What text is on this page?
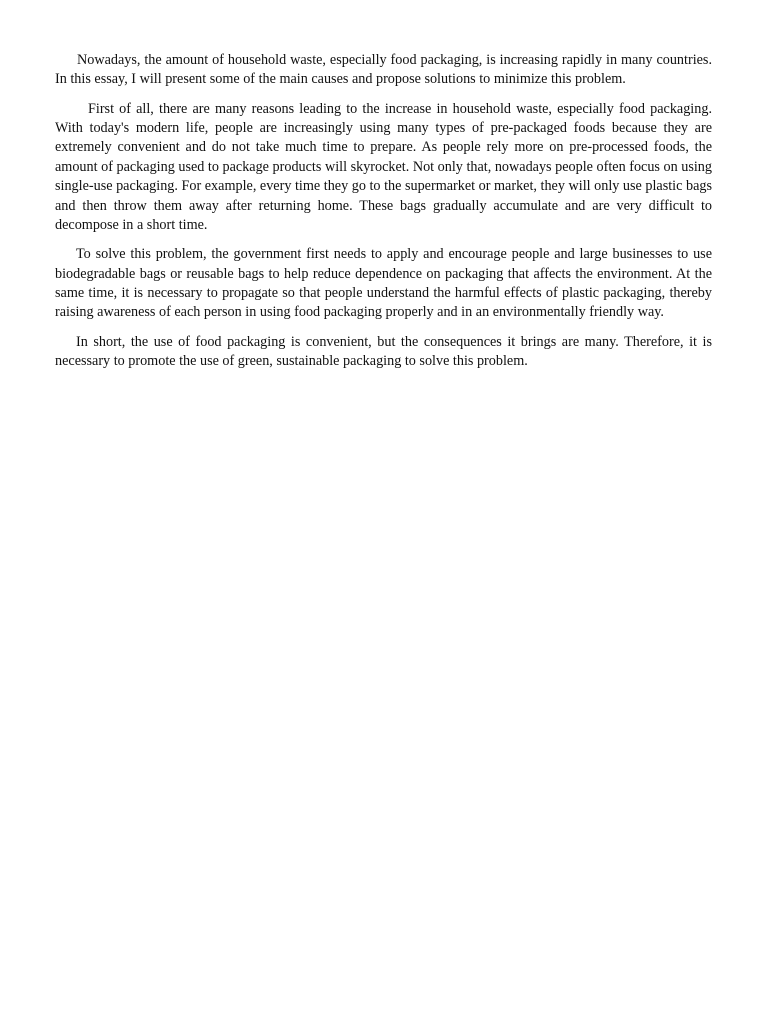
Nowadays, the amount of household waste, especially food packaging, is increasing rapidly in many countries. In this essay, I will present some of the main causes and propose solutions to minimize this problem.

First of all, there are many reasons leading to the increase in household waste, especially food packaging. With today's modern life, people are increasingly using many types of pre-packaged foods because they are extremely convenient and do not take much time to prepare. As people rely more on pre-processed foods, the amount of packaging used to package products will skyrocket. Not only that, nowadays people often focus on using single-use packaging. For example, every time they go to the supermarket or market, they will only use plastic bags and then throw them away after returning home. These bags gradually accumulate and are very difficult to decompose in a short time.

To solve this problem, the government first needs to apply and encourage people and large businesses to use biodegradable bags or reusable bags to help reduce dependence on packaging that affects the environment. At the same time, it is necessary to propagate so that people understand the harmful effects of plastic packaging, thereby raising awareness of each person in using food packaging properly and in an environmentally friendly way.

In short, the use of food packaging is convenient, but the consequences it brings are many. Therefore, it is necessary to promote the use of green, sustainable packaging to solve this problem.
